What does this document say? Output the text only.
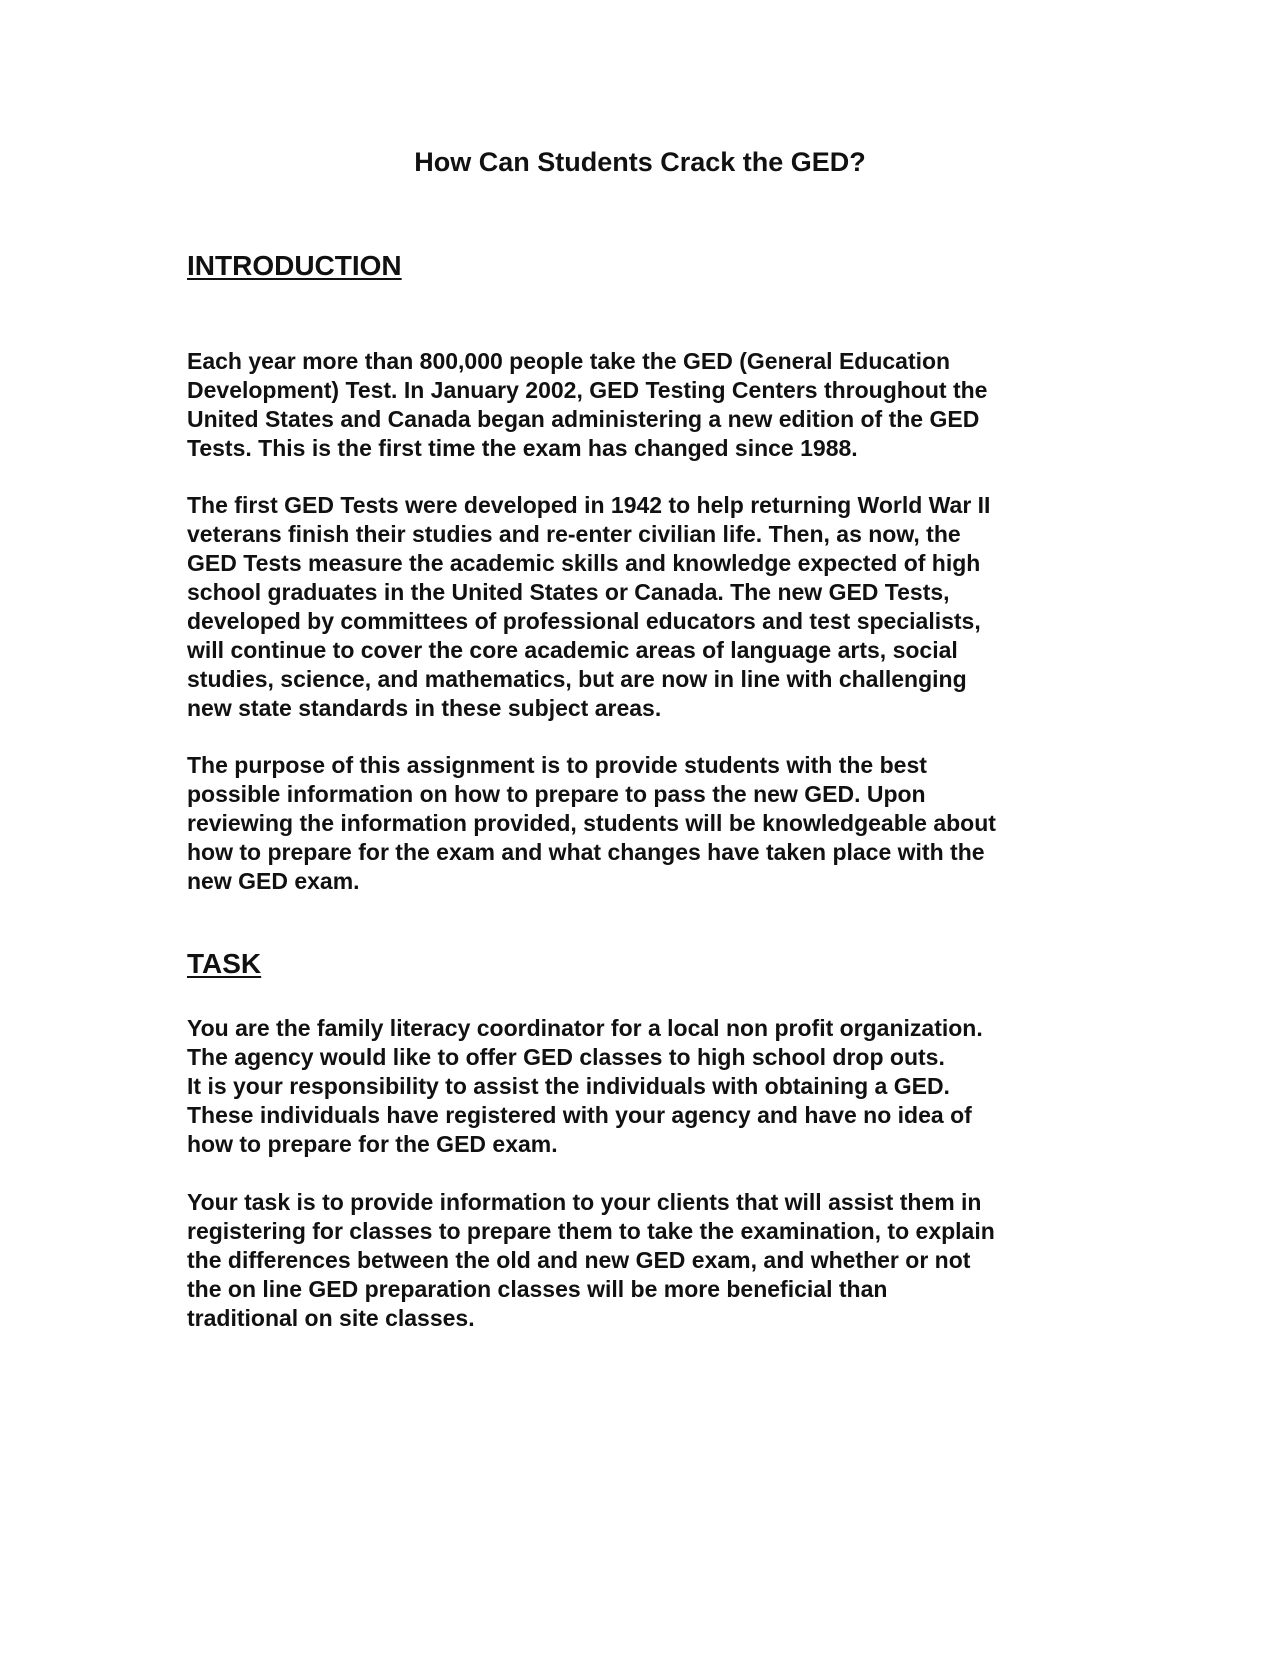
How Can Students Crack the GED?
INTRODUCTION

Each year more than 800,000 people take the GED (General Education
Development) Test. In January 2002, GED Testing Centers throughout the
United States and Canada began administering a new edition of the GED
Tests. This is the first time the exam has changed since 1988.

The first GED Tests were developed in 1942 to help returning World War II
veterans finish their studies and re-enter civilian life. Then, as now, the
GED Tests measure the academic skills and knowledge expected of high
school graduates in the United States or Canada. The new GED Tests,
developed by committees of professional educators and test specialists,
will continue to cover the core academic areas of language arts, social
studies, science, and mathematics, but are now in line with challenging
new state standards in these subject areas.

The purpose of this assignment is to provide students with the best
possible information on how to prepare to pass the new GED. Upon
reviewing the information provided, students will be knowledgeable about
how to prepare for the exam and what changes have taken place with the
new GED exam.

TASK

You are the family literacy coordinator for a local non profit organization.
The agency would like to offer GED classes to high school drop outs.
It is your responsibility to assist the individuals with obtaining a GED.
These individuals have registered with your agency and have no idea of
how to prepare for the GED exam.

Your task is to provide information to your clients that will assist them in
registering for classes to prepare them to take the examination, to explain
the differences between the old and new GED exam, and whether or not
the on line GED preparation classes will be more beneficial than
traditional on site classes.
